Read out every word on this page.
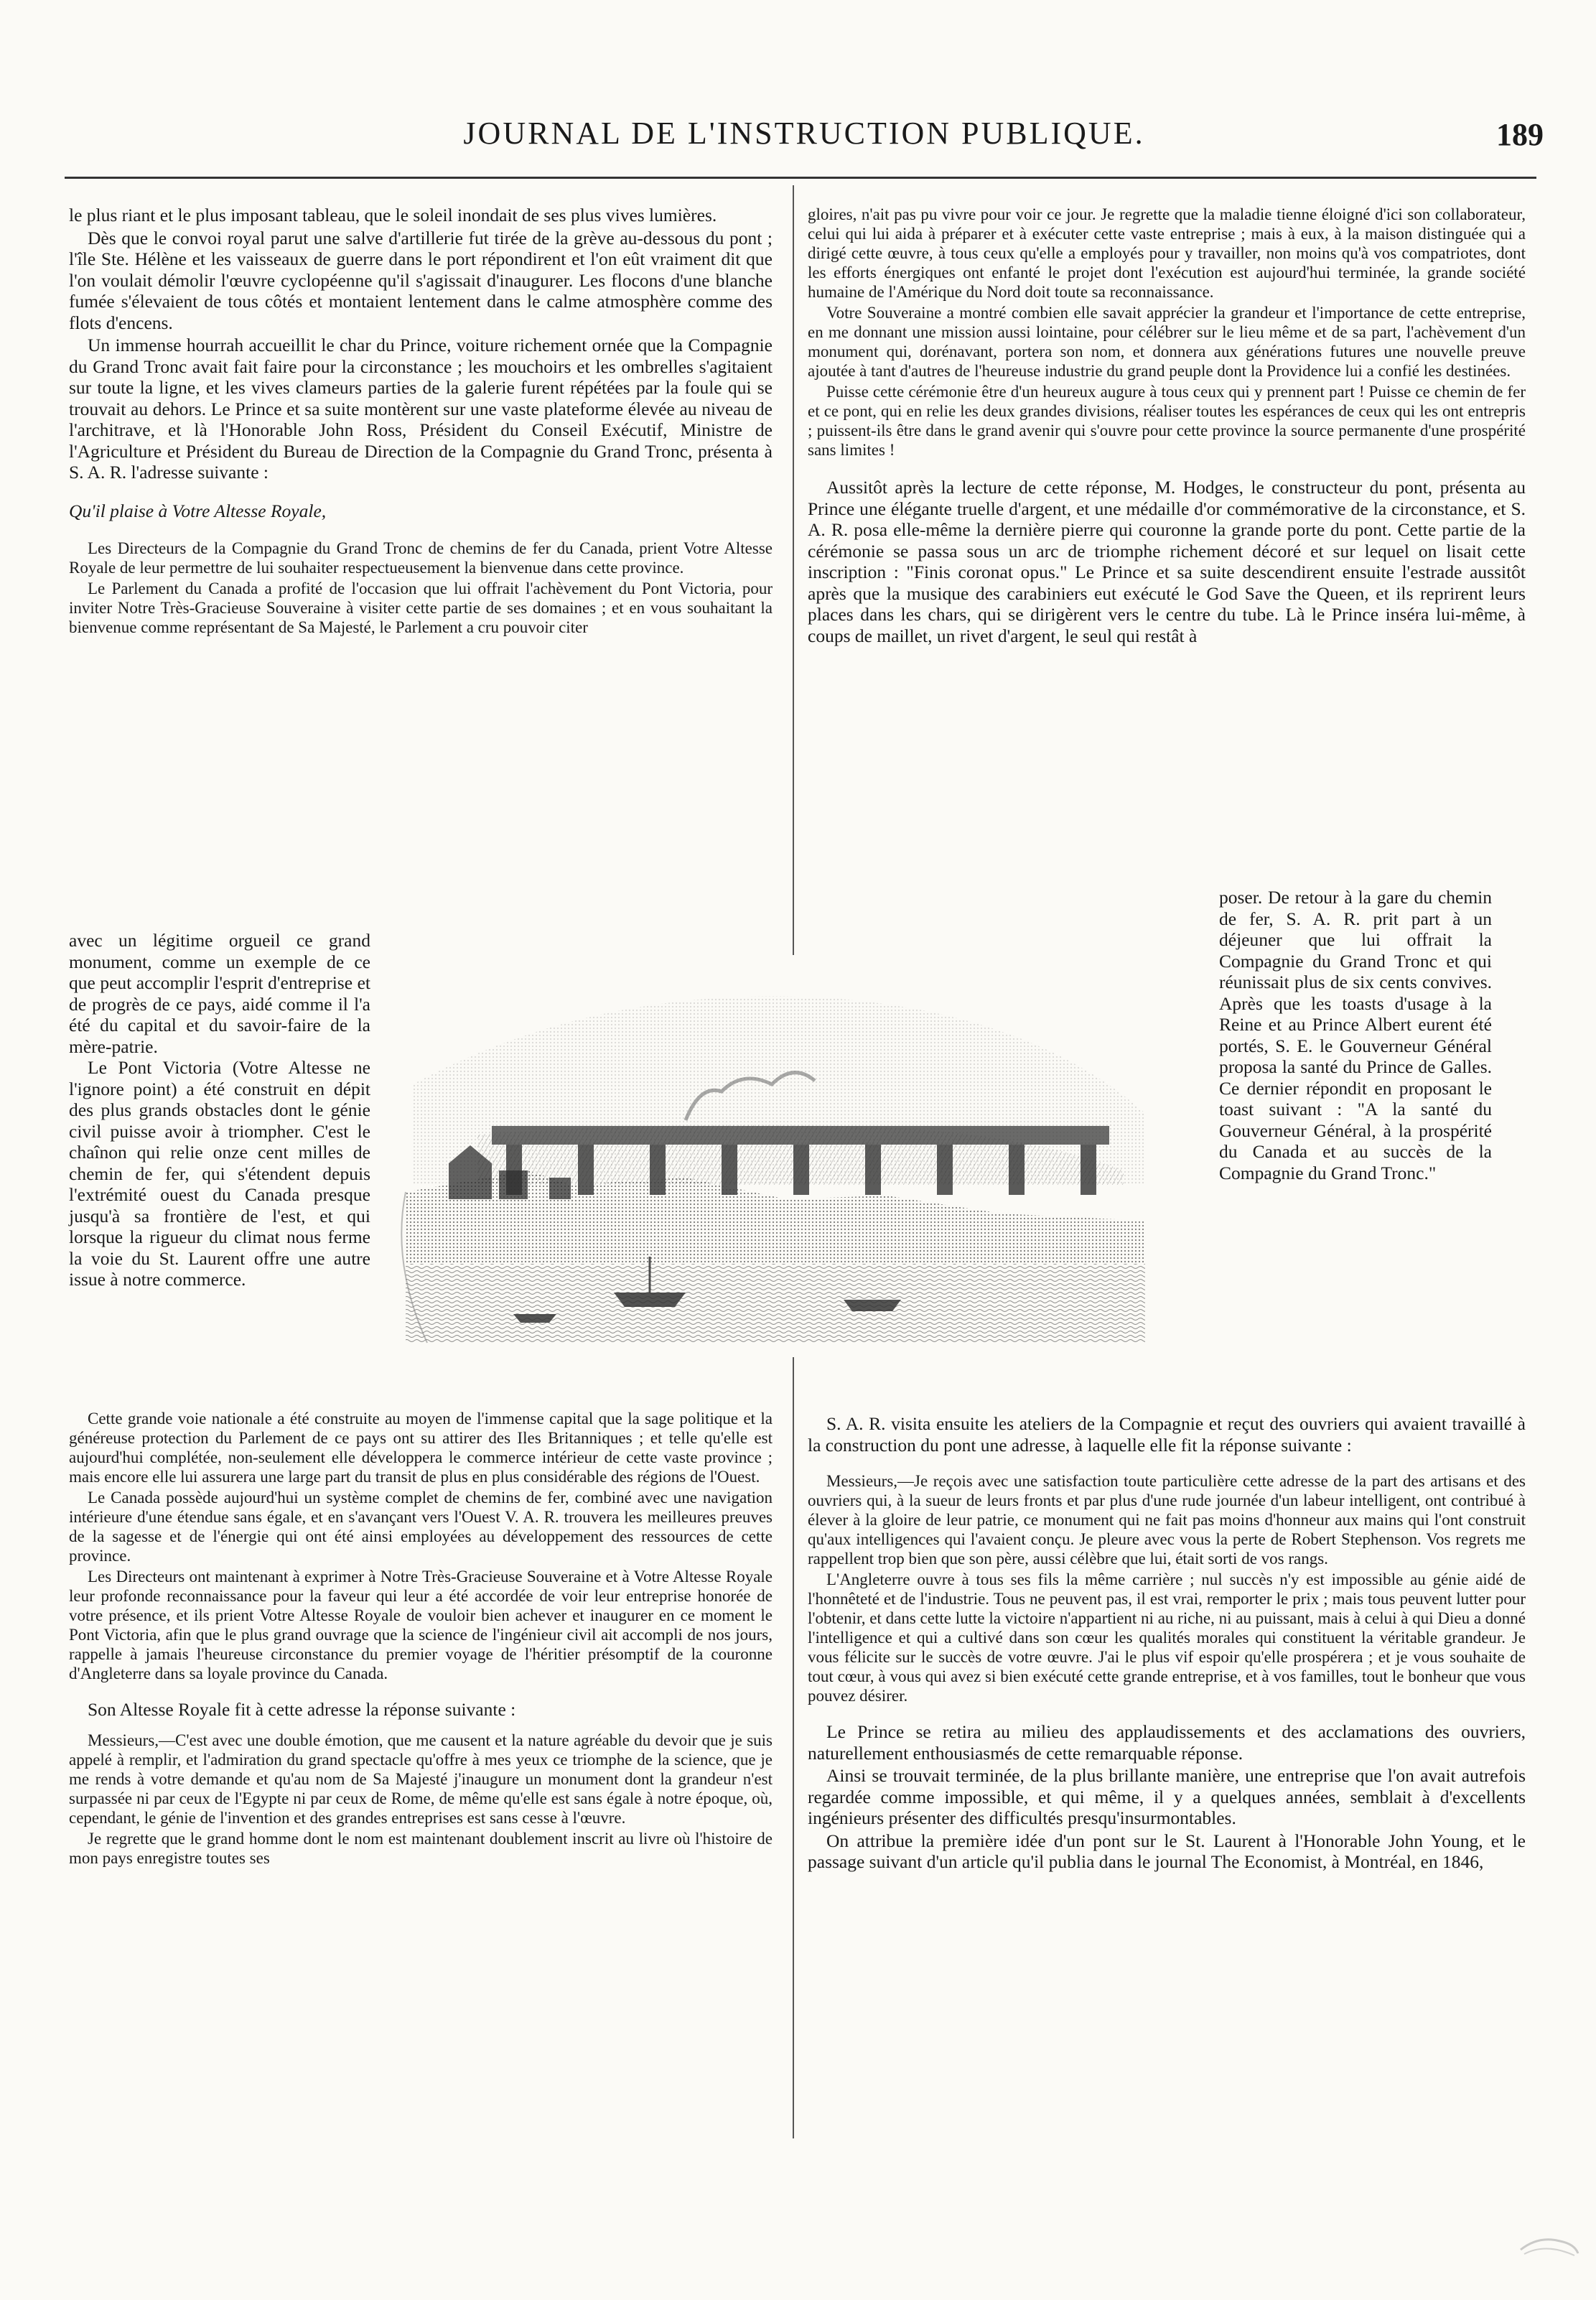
JOURNAL DE L'INSTRUCTION PUBLIQUE.	189

le plus riant et le plus imposant tableau, que le soleil inondait de ses plus vives lumières.

Dès que le convoi royal parut une salve d'artillerie fut tirée de la grève au-dessous du pont ; l'île Ste. Hélène et les vaisseaux de guerre dans le port répondirent et l'on eût vraiment dit que l'on voulait démolir l'œuvre cyclopéenne qu'il s'agissait d'inaugurer. Les flocons d'une blanche fumée s'élevaient de tous côtés et montaient lentement dans le calme atmosphère comme des flots d'encens.

Un immense hourrah accueillit le char du Prince, voiture richement ornée que la Compagnie du Grand Tronc avait fait faire pour la circonstance ; les mouchoirs et les ombrelles s'agitaient sur toute la ligne, et les vives clameurs parties de la galerie furent répétées par la foule qui se trouvait au dehors. Le Prince et sa suite montèrent sur une vaste plateforme élevée au niveau de l'architrave, et là l'Honorable John Ross, Président du Conseil Exécutif, Ministre de l'Agriculture et Président du Bureau de Direction de la Compagnie du Grand Tronc, présenta à S. A. R. l'adresse suivante :

Qu'il plaise à Votre Altesse Royale,

Les Directeurs de la Compagnie du Grand Tronc de chemins de fer du Canada, prient Votre Altesse Royale de leur permettre de lui souhaiter respectueusement la bienvenue dans cette province.

Le Parlement du Canada a profité de l'occasion que lui offrait l'achèvement du Pont Victoria, pour inviter Notre Très-Gracieuse Souveraine à visiter cette partie de ses domaines ; et en vous souhaitant la bienvenue comme représentant de Sa Majesté, le Parlement a cru pouvoir citer

avec un légitime orgueil ce grand monument, comme un exemple de ce que peut accomplir l'esprit d'entreprise et de progrès de ce pays, aidé comme il l'a été du capital et du savoir-faire de la mère-patrie.

Le Pont Victoria (Votre Altesse ne l'ignore point) a été construit en dépit des plus grands obstacles dont le génie civil puisse avoir à triompher. C'est le chaînon qui relie onze cent milles de chemin de fer, qui s'étendent depuis l'extrémité ouest du Canada presque jusqu'à sa frontière de l'est, et qui lorsque la rigueur du climat nous ferme la voie du St. Laurent offre une autre issue à notre commerce.

Cette grande voie nationale a été construite au moyen de l'immense capital que la sage politique et la généreuse protection du Parlement de ce pays ont su attirer des Iles Britanniques ; et telle qu'elle est aujourd'hui complétée, non-seulement elle développera le commerce intérieur de cette vaste province ; mais encore elle lui assurera une large part du transit de plus en plus considérable des régions de l'Ouest.

Le Canada possède aujourd'hui un système complet de chemins de fer, combiné avec une navigation intérieure d'une étendue sans égale, et en s'avançant vers l'Ouest V. A. R. trouvera les meilleures preuves de la sagesse et de l'énergie qui ont été ainsi employées au développement des ressources de cette province.

Les Directeurs ont maintenant à exprimer à Notre Très-Gracieuse Souveraine et à Votre Altesse Royale leur profonde reconnaissance pour la faveur qui leur a été accordée de voir leur entreprise honorée de votre présence, et ils prient Votre Altesse Royale de vouloir bien achever et inaugurer en ce moment le Pont Victoria, afin que le plus grand ouvrage que la science de l'ingénieur civil ait accompli de nos jours, rappelle à jamais l'heureuse circonstance du premier voyage de l'héritier présomptif de la couronne d'Angleterre dans sa loyale province du Canada.

Son Altesse Royale fit à cette adresse la réponse suivante :

Messieurs,—C'est avec une double émotion, que me causent et la nature agréable du devoir que je suis appelé à remplir, et l'admiration du grand spectacle qu'offre à mes yeux ce triomphe de la science, que je me rends à votre demande et qu'au nom de Sa Majesté j'inaugure un monument dont la grandeur n'est surpassée ni par ceux de l'Egypte ni par ceux de Rome, de même qu'elle est sans égale à notre époque, où, cependant, le génie de l'invention et des grandes entreprises est sans cesse à l'œuvre.

Je regrette que le grand homme dont le nom est maintenant doublement inscrit au livre où l'histoire de mon pays enregistre toutes ses

gloires, n'ait pas pu vivre pour voir ce jour. Je regrette que la maladie tienne éloigné d'ici son collaborateur, celui qui lui aida à préparer et à exécuter cette vaste entreprise ; mais à eux, à la maison distinguée qui a dirigé cette œuvre, à tous ceux qu'elle a employés pour y travailler, non moins qu'à vos compatriotes, dont les efforts énergiques ont enfanté le projet dont l'exécution est aujourd'hui terminée, la grande société humaine de l'Amérique du Nord doit toute sa reconnaissance.

Votre Souveraine a montré combien elle savait apprécier la grandeur et l'importance de cette entreprise, en me donnant une mission aussi lointaine, pour célébrer sur le lieu même et de sa part, l'achèvement d'un monument qui, dorénavant, portera son nom, et donnera aux générations futures une nouvelle preuve ajoutée à tant d'autres de l'heureuse industrie du grand peuple dont la Providence lui a confié les destinées.

Puisse cette cérémonie être d'un heureux augure à tous ceux qui y prennent part ! Puisse ce chemin de fer et ce pont, qui en relie les deux grandes divisions, réaliser toutes les espérances de ceux qui les ont entrepris ; puissent-ils être dans le grand avenir qui s'ouvre pour cette province la source permanente d'une prospérité sans limites !

Aussitôt après la lecture de cette réponse, M. Hodges, le constructeur du pont, présenta au Prince une élégante truelle d'argent, et une médaille d'or commémorative de la circonstance, et S. A. R. posa elle-même la dernière pierre qui couronne la grande porte du pont. Cette partie de la cérémonie se passa sous un arc de triomphe richement décoré et sur lequel on lisait cette inscription : "Finis coronat opus." Le Prince et sa suite descendirent ensuite l'estrade aussitôt après que la musique des carabiniers eut exécuté le God Save the Queen, et ils reprirent leurs places dans les chars, qui se dirigèrent vers le centre du tube. Là le Prince inséra lui-même, à coups de maillet, un rivet d'argent, le seul qui restât à

poser. De retour à la gare du chemin de fer, S. A. R. prit part à un déjeuner que lui offrait la Compagnie du Grand Tronc et qui réunissait plus de six cents convives. Après que les toasts d'usage à la Reine et au Prince Albert eurent été portés, S. E. le Gouverneur Général proposa la santé du Prince de Galles. Ce dernier répondit en proposant le toast suivant : "A la santé du Gouverneur Général, à la prospérité du Canada et au succès de la Compagnie du Grand Tronc."

S. A. R. visita ensuite les ateliers de la Compagnie et reçut des ouvriers qui avaient travaillé à la construction du pont une adresse, à laquelle elle fit la réponse suivante :

Messieurs,—Je reçois avec une satisfaction toute particulière cette adresse de la part des artisans et des ouvriers qui, à la sueur de leurs fronts et par plus d'une rude journée d'un labeur intelligent, ont contribué à élever à la gloire de leur patrie, ce monument qui ne fait pas moins d'honneur aux mains qui l'ont construit qu'aux intelligences qui l'avaient conçu. Je pleure avec vous la perte de Robert Stephenson. Vos regrets me rappellent trop bien que son père, aussi célèbre que lui, était sorti de vos rangs.

L'Angleterre ouvre à tous ses fils la même carrière ; nul succès n'y est impossible au génie aidé de l'honnêteté et de l'industrie. Tous ne peuvent pas, il est vrai, remporter le prix ; mais tous peuvent lutter pour l'obtenir, et dans cette lutte la victoire n'appartient ni au riche, ni au puissant, mais à celui à qui Dieu a donné l'intelligence et qui a cultivé dans son cœur les qualités morales qui constituent la véritable grandeur. Je vous félicite sur le succès de votre œuvre. J'ai le plus vif espoir qu'elle prospérera ; et je vous souhaite de tout cœur, à vous qui avez si bien exécuté cette grande entreprise, et à vos familles, tout le bonheur que vous pouvez désirer.

Le Prince se retira au milieu des applaudissements et des acclamations des ouvriers, naturellement enthousiasmés de cette remarquable réponse.

Ainsi se trouvait terminée, de la plus brillante manière, une entreprise que l'on avait autrefois regardée comme impossible, et qui même, il y a quelques années, semblait à d'excellents ingénieurs présenter des difficultés presqu'insurmontables.

On attribue la première idée d'un pont sur le St. Laurent à l'Honorable John Young, et le passage suivant d'un article qu'il publia dans le journal The Economist, à Montréal, en 1846,
